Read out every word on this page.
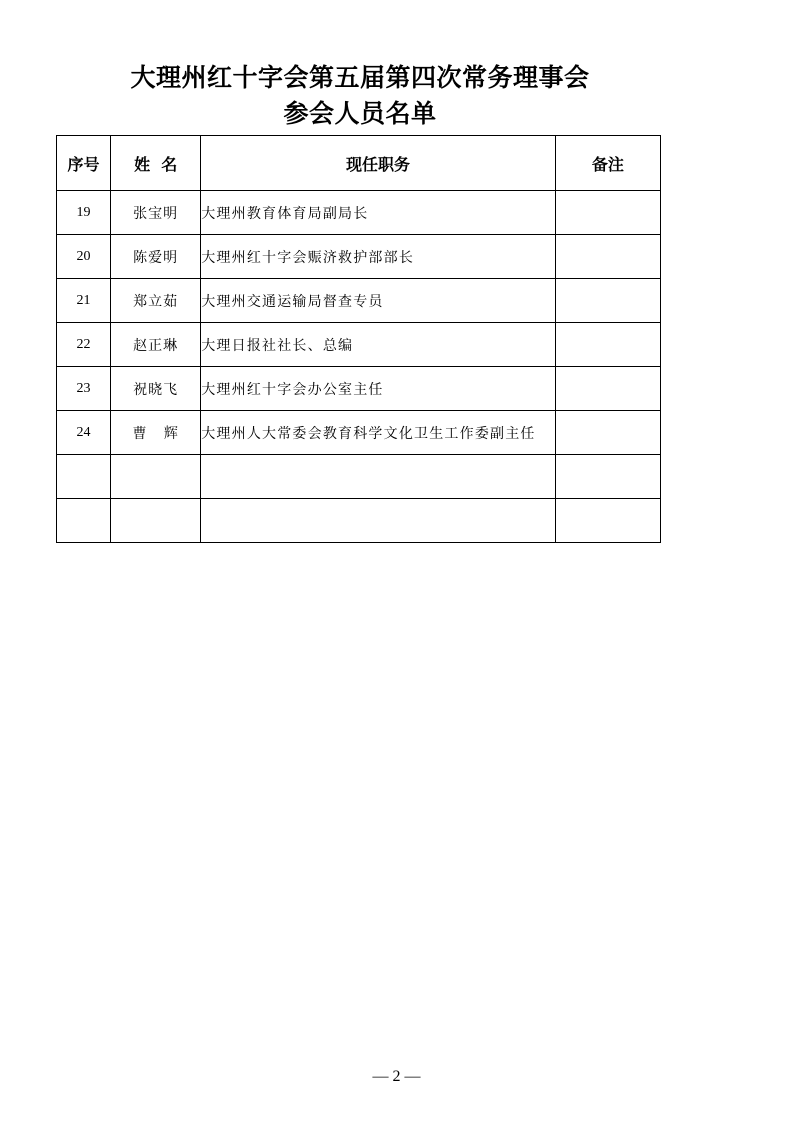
大理州红十字会第五届第四次常务理事会
参会人员名单
序号	姓  名	现任职务	备注
19	张宝明	大理州教育体育局副局长	
20	陈爱明	大理州红十字会赈济救护部部长	
21	郑立茹	大理州交通运输局督查专员	
22	赵正琳	大理日报社社长、总编	
23	祝晓飞	大理州红十字会办公室主任	
24	曹   辉	大理州人大常委会教育科学文化卫生工作委副主任	

— 2 —
